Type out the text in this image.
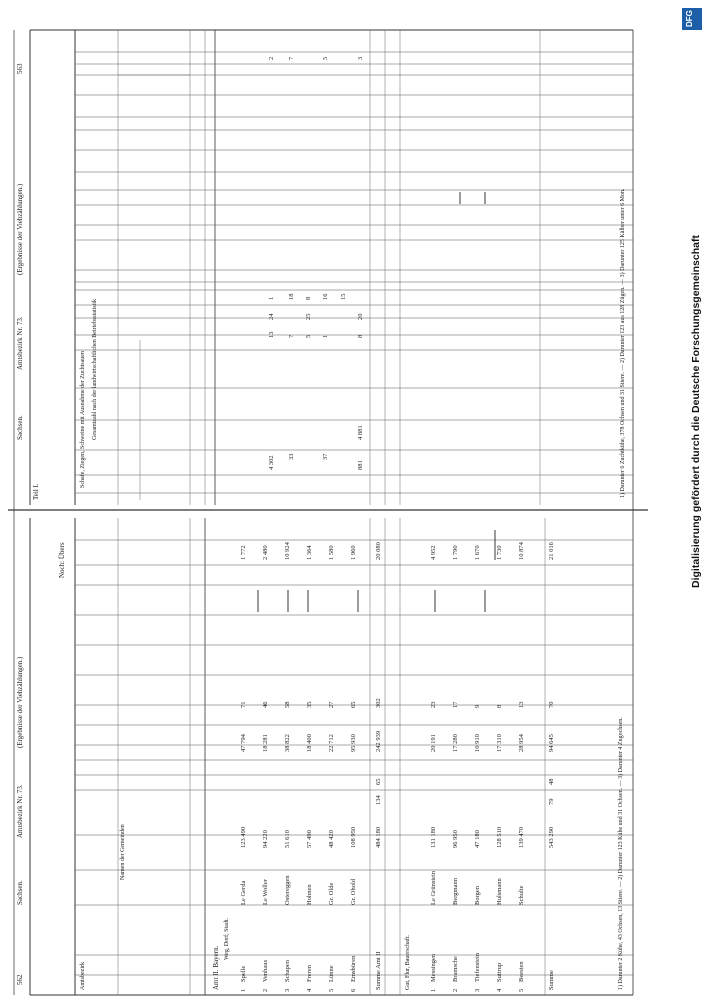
563
Sachsen.
Amtsbezirk Nr. 73.
(Ergebnisse der Viehzählungen.)
Teil I.
Schafe, Ziegen, Schweine mit Ausnahme der Zuchtsauen Gesamtzahl nach der landwirtschaftlichen Betriebsstatistik	1) Darunter 6 Zuchtkühe, 378 Ochsen und 31 Stiere. — 2) Darunter 123 aus 128 Zügen. — 3) Darunter 125 Kälber unter 6 Mon.
4 302
13
24
1
2
33
7
18
7
5
25
8
37
1
16
5
15
881
4 881
8
20
3
562
Sachsen.
Amtsbezirk Nr. 73.
(Ergebnisse der Viehzählungen.)
Noch: Übers
Amtsbezirk
Namen der Gemeinden
Amt II. Bayern.
Weg, Dorf, Stadt.
1
Spelle
Le Gerda
123 490
47 794
71
1 772
2
Venhaus
Le Woller
94 220
18 281
46
2 480
3
Schapen
Ostereggen
51 610
38 822
58
10 924
4
Freren
Hohnen
57 490
18 400
35
1 364
5
Lünne
Gr. Olde
48 420
22 712
27
1 580
6
Emsbüren
Gr. Ohold
108 950
95 930
65
1 960
Summe Amt II
484 180
134
65
242 939
302
20 080
Gut, Flur, Bauerschaft.
1
Messingen
Le Grünstein
131 180
20 191
23
4 952
2
Bramsche
Bergmann
96 950
17 280
17
1 790
3
Tiefenstein
Borgen
47 180
10 910
9
1 670
4
Suttrup
Hulsmann
128 510
17 310
8
1 730
5
Beesten
Schulte
139 470
28 954
13
10 874
Summe
543 290
79
48
94 645
70
21 016
1) Darunter 2 Kühe, 43 Ochsen, 13 Stiere. — 2) Darunter 123 Kühe und 31 Ochsen. — 3) Darunter 4 Zugochsen.
DFG
Digitalisierung gefördert durch die Deutsche Forschungsgemeinschaft
